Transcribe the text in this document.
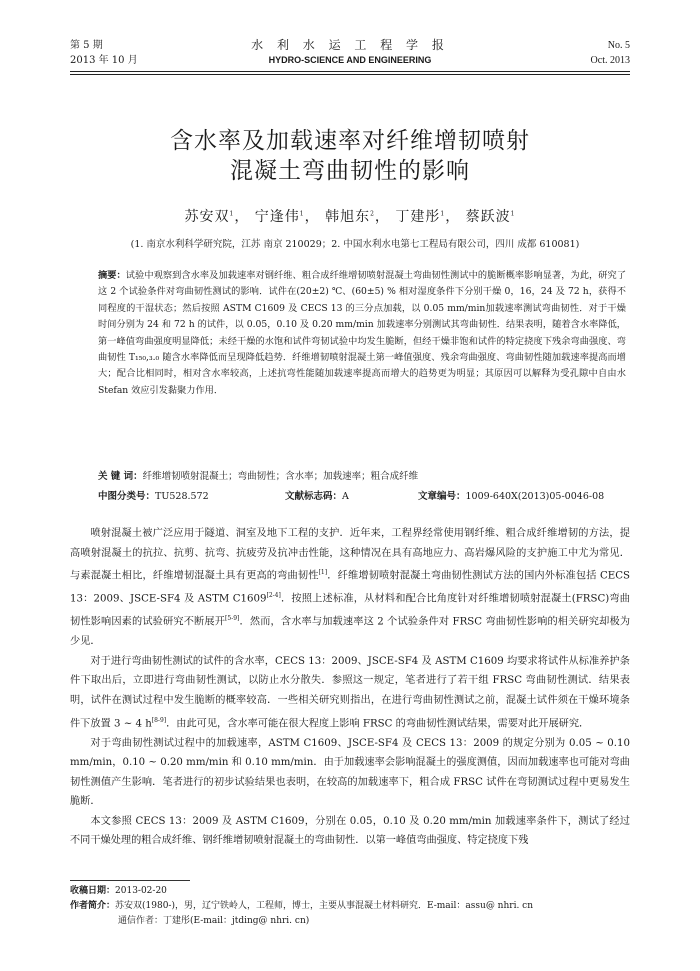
第 5 期
2013 年 10 月
水 利 水 运 工 程 学 报
HYDRO-SCIENCE AND ENGINEERING
No. 5
Oct. 2013
含水率及加载速率对纤维增韧喷射
混凝土弯曲韧性的影响
苏安双$^1$， 宁逢伟$^1$， 韩旭东$^2$， 丁建彤$^1$， 蔡跃波$^1$
(1. 南京水利科学研究院，江苏 南京 210029；2. 中国水利水电第七工程局有限公司，四川 成都 610081)
摘要：试验中观察到含水率及加载速率对钢纤维、粗合成纤维增韧喷射混凝土弯曲韧性测试中的脆断概率影响显著，为此，研究了这 2 个试验条件对弯曲韧性测试的影响．试件在(20±2) ℃、(60±5) % 相对湿度条件下分别干燥 0，16，24 及 72 h，获得不同程度的干湿状态；然后按照 ASTM C1609 及 CECS 13 的三分点加载，以 0.05 mm/min加载速率测试弯曲韧性．对于干燥时间分别为 24 和 72 h 的试件，以 0.05，0.10 及 0.20 mm/min 加载速率分别测试其弯曲韧性．结果表明，随着含水率降低，第一峰值弯曲强度明显降低；未经干燥的水饱和试件弯韧试验中均发生脆断，但经干燥非饱和试件的特定挠度下残余弯曲强度、弯曲韧性 T₁₅₀,₃.₀ 随含水率降低而呈现降低趋势．纤维增韧喷射混凝土第一峰值强度、残余弯曲强度、弯曲韧性随加载速率提高而增大；配合比相同时，相对含水率较高，上述抗弯性能随加载速率提高而增大的趋势更为明显；其原因可以解释为受孔隙中自由水 Stefan 效应引发黏聚力作用．
关 键 词：纤维增韧喷射混凝土；弯曲韧性；含水率；加载速率；粗合成纤维
中图分类号：TU528.572	文献标志码：A	文章编号：1009-640X(2013)05-0046-08

喷射混凝土被广泛应用于隧道、洞室及地下工程的支护．近年来，工程界经常使用钢纤维、粗合成纤维增韧的方法，提高喷射混凝土的抗拉、抗剪、抗弯、抗疲劳及抗冲击性能，这种情况在具有高地应力、高岩爆风险的支护施工中尤为常见．与素混凝土相比，纤维增韧混凝土具有更高的弯曲韧性[1]．纤维增韧喷射混凝土弯曲韧性测试方法的国内外标准包括 CECS 13：2009、JSCE-SF4 及 ASTM C1609[2-4]．按照上述标准，从材料和配合比角度针对纤维增韧喷射混凝土(FRSC)弯曲韧性影响因素的试验研究不断展开[5-9]．然而，含水率与加载速率这 2 个试验条件对 FRSC 弯曲韧性影响的相关研究却极为少见．

对于进行弯曲韧性测试的试件的含水率，CECS 13：2009、JSCE-SF4 及 ASTM C1609 均要求将试件从标准养护条件下取出后，立即进行弯曲韧性测试，以防止水分散失．参照这一规定，笔者进行了若干组 FRSC 弯曲韧性测试．结果表明，试件在测试过程中发生脆断的概率较高．一些相关研究则指出，在进行弯曲韧性测试之前，混凝土试件须在干燥环境条件下放置 3 ~ 4 h[8-9]．由此可见，含水率可能在很大程度上影响 FRSC 的弯曲韧性测试结果，需要对此开展研究．

对于弯曲韧性测试过程中的加载速率，ASTM C1609、JSCE-SF4 及 CECS 13：2009 的规定分别为 0.05 ~ 0.10 mm/min，0.10 ~ 0.20 mm/min 和 0.10 mm/min．由于加载速率会影响混凝土的强度测值，因而加载速率也可能对弯曲韧性测值产生影响．笔者进行的初步试验结果也表明，在较高的加载速率下，粗合成 FRSC 试件在弯韧测试过程中更易发生脆断．

本文参照 CECS 13：2009 及 ASTM C1609，分别在 0.05，0.10 及 0.20 mm/min 加载速率条件下，测试了经过不同干燥处理的粗合成纤维、钢纤维增韧喷射混凝土的弯曲韧性．以第一峰值弯曲强度、特定挠度下残

收稿日期：2013-02-20
作者简介：苏安双(1980-)，男，辽宁铁岭人，工程师，博士，主要从事混凝土材料研究．E-mail：assu@ nhri. cn
通信作者：丁建彤(E-mail：jtding@ nhri. cn)
